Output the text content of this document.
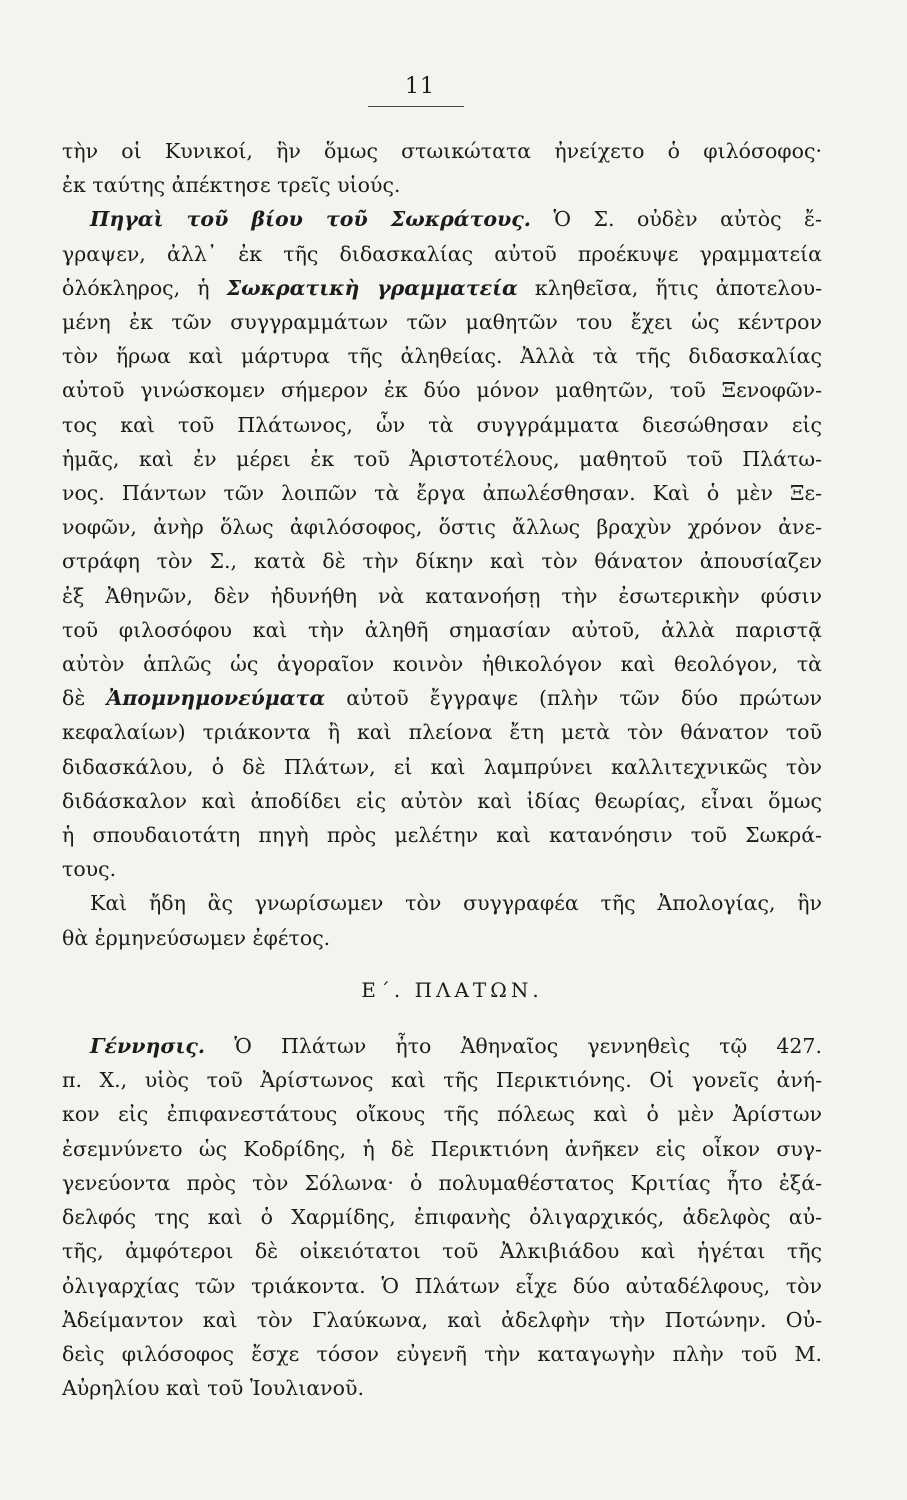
11
τὴν οἱ Κυνικοί, ἣν ὅμως στωικώτατα ἠνείχετο ὁ φιλόσοφος·
ἐκ ταύτης ἀπέκτησε τρεῖς υἱούς.
Πηγαὶ τοῦ βίου τοῦ Σωκράτους. Ὁ Σ. οὐδὲν αὐτὸς ἔ-
γραψεν, ἀλλ᾽ ἐκ τῆς διδασκαλίας αὐτοῦ προέκυψε γραμματεία
ὁλόκληρος, ἡ Σωκρατικὴ γραμματεία κληθεῖσα, ἥτις ἀποτελου-
μένη ἐκ τῶν συγγραμμάτων τῶν μαθητῶν του ἔχει ὡς κέντρον
τὸν ἥρωα καὶ μάρτυρα τῆς ἀληθείας. Ἀλλὰ τὰ τῆς διδασκαλίας
αὐτοῦ γινώσκομεν σήμερον ἐκ δύο μόνον μαθητῶν, τοῦ Ξενοφῶν-
τος καὶ τοῦ Πλάτωνος, ὧν τὰ συγγράμματα διεσώθησαν εἰς
ἡμᾶς, καὶ ἐν μέρει ἐκ τοῦ Ἀριστοτέλους, μαθητοῦ τοῦ Πλάτω-
νος. Πάντων τῶν λοιπῶν τὰ ἔργα ἀπωλέσθησαν. Καὶ ὁ μὲν Ξε-
νοφῶν, ἀνὴρ ὅλως ἀφιλόσοφος, ὅστις ἄλλως βραχὺν χρόνον ἀνε-
στράφη τὸν Σ., κατὰ δὲ τὴν δίκην καὶ τὸν θάνατον ἀπουσίαζεν
ἐξ Ἀθηνῶν, δὲν ἠδυνήθη νὰ κατανοήσῃ τὴν ἐσωτερικὴν φύσιν
τοῦ φιλοσόφου καὶ τὴν ἀληθῆ σημασίαν αὐτοῦ, ἀλλὰ παριστᾷ
αὐτὸν ἁπλῶς ὡς ἀγοραῖον κοινὸν ἠθικολόγον καὶ θεολόγον, τὰ
δὲ Ἀπομνημονεύματα αὐτοῦ ἔγγραψε (πλὴν τῶν δύο πρώτων
κεφαλαίων) τριάκοντα ἢ καὶ πλείονα ἔτη μετὰ τὸν θάνατον τοῦ
διδασκάλου, ὁ δὲ Πλάτων, εἰ καὶ λαμπρύνει καλλιτεχνικῶς τὸν
διδάσκαλον καὶ ἀποδίδει εἰς αὐτὸν καὶ ἰδίας θεωρίας, εἶναι ὅμως
ἡ σπουδαιοτάτη πηγὴ πρὸς μελέτην καὶ κατανόησιν τοῦ Σωκρά-
τους.
Καὶ ἤδη ἂς γνωρίσωμεν τὸν συγγραφέα τῆς Ἀπολογίας, ἣν
θὰ ἑρμηνεύσωμεν ἐφέτος.
Ε΄. ΠΛΑΤΩΝ.
Γέννησις. Ὁ Πλάτων ἦτο Ἀθηναῖος γεννηθεὶς τῷ 427.
π. Χ., υἱὸς τοῦ Ἀρίστωνος καὶ τῆς Περικτιόνης. Οἱ γονεῖς ἀνή-
κον εἰς ἐπιφανεστάτους οἴκους τῆς πόλεως καὶ ὁ μὲν Ἀρίστων
ἐσεμνύνετο ὡς Κοδρίδης, ἡ δὲ Περικτιόνη ἀνῆκεν εἰς οἶκον συγ-
γενεύοντα πρὸς τὸν Σόλωνα· ὁ πολυμαθέστατος Κριτίας ἦτο ἐξά-
δελφός της καὶ ὁ Χαρμίδης, ἐπιφανὴς ὀλιγαρχικός, ἀδελφὸς αὐ-
τῆς, ἀμφότεροι δὲ οἰκειότατοι τοῦ Ἀλκιβιάδου καὶ ἡγέται τῆς
ὀλιγαρχίας τῶν τριάκοντα. Ὁ Πλάτων εἶχε δύο αὐταδέλφους, τὸν
Ἀδείμαντον καὶ τὸν Γλαύκωνα, καὶ ἀδελφὴν τὴν Ποτώνην. Οὐ-
δεὶς φιλόσοφος ἔσχε τόσον εὐγενῆ τὴν καταγωγὴν πλὴν τοῦ Μ.
Αὐρηλίου καὶ τοῦ Ἰουλιανοῦ.
